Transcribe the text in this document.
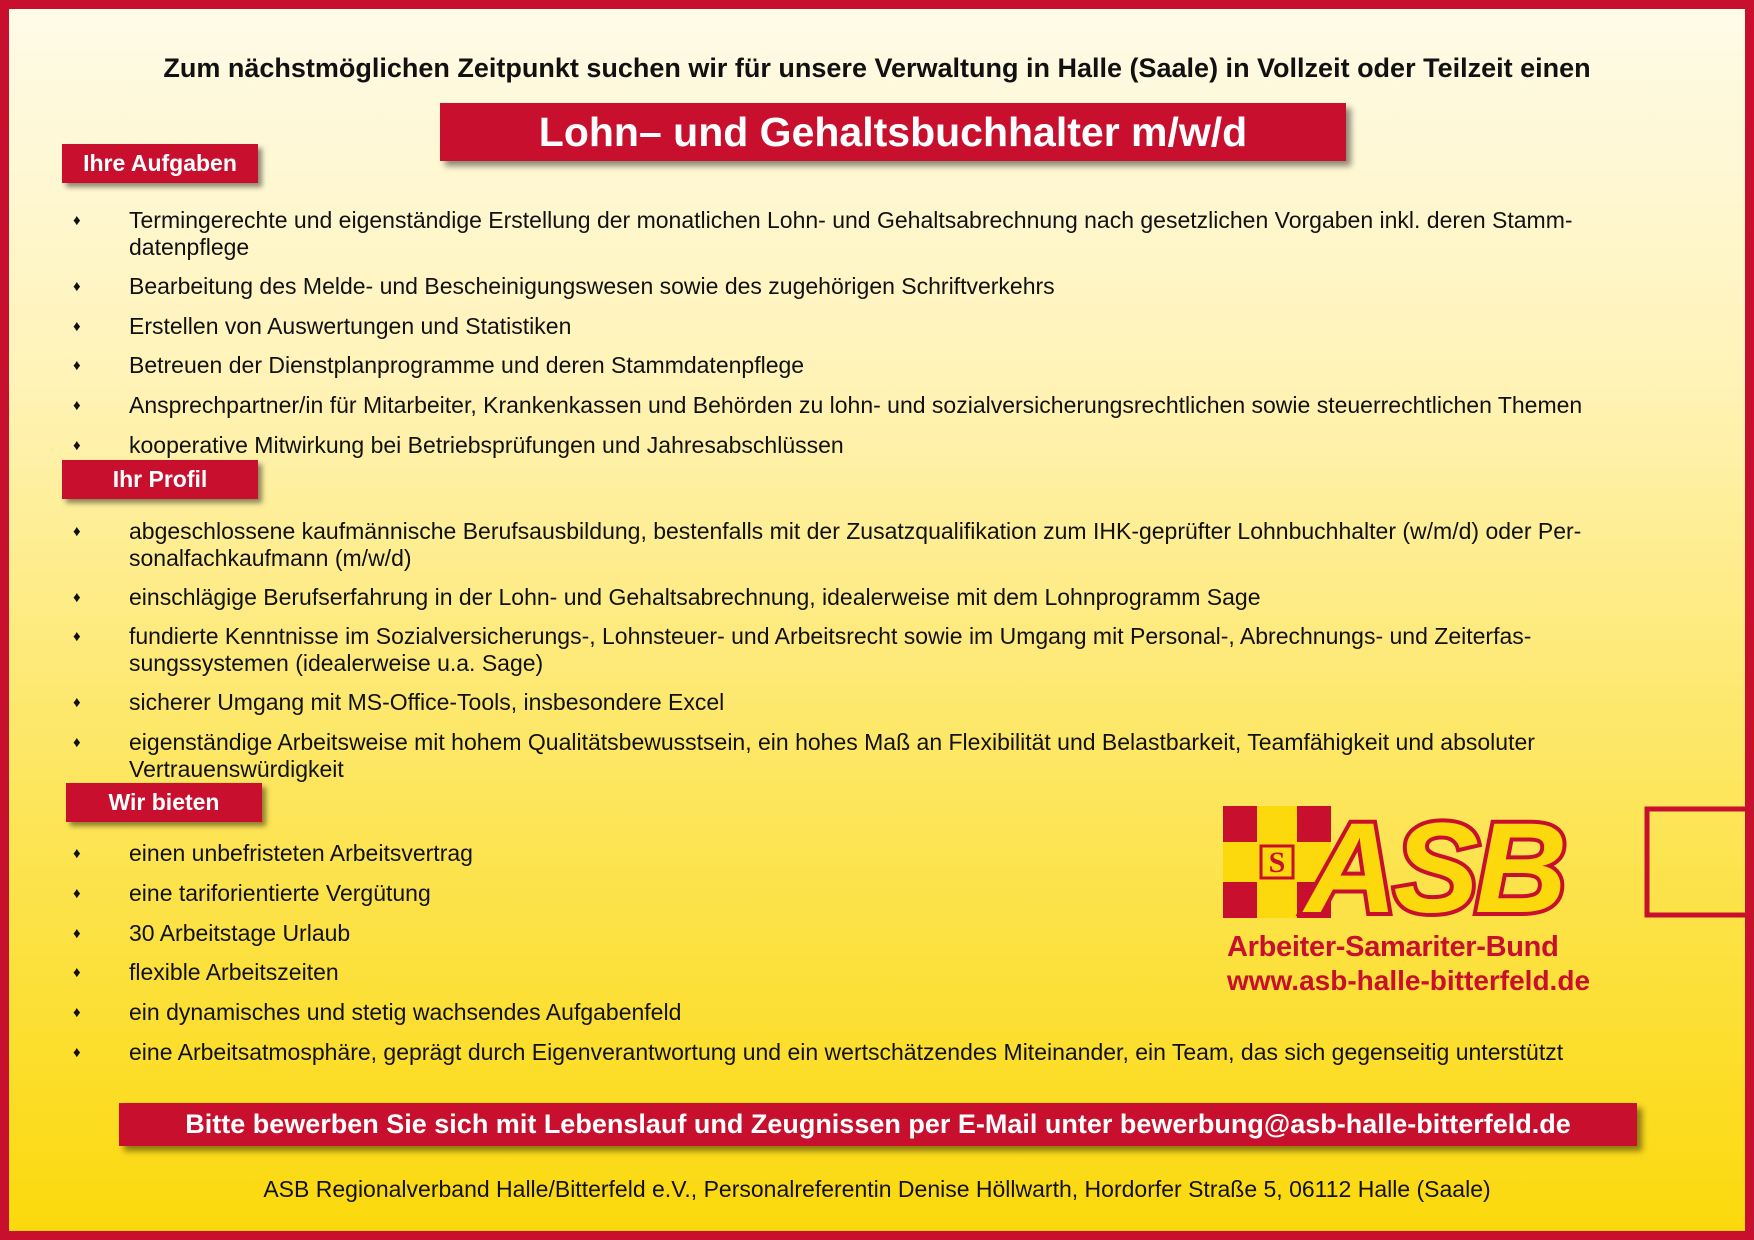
Zum nächstmöglichen Zeitpunkt suchen wir für unsere Verwaltung in Halle (Saale) in Vollzeit oder Teilzeit einen
Lohn– und Gehaltsbuchhalter m/w/d
Ihre Aufgaben
♦ Termingerechte und eigenständige Erstellung der monatlichen Lohn- und Gehaltsabrechnung nach gesetzlichen Vorgaben inkl. deren Stamm-
datenpflege
♦ Bearbeitung des Melde- und Bescheinigungswesen sowie des zugehörigen Schriftverkehrs
♦ Erstellen von Auswertungen und Statistiken
♦ Betreuen der Dienstplanprogramme und deren Stammdatenpflege
♦ Ansprechpartner/in für Mitarbeiter, Krankenkassen und Behörden zu lohn- und sozialversicherungsrechtlichen sowie steuerrechtlichen Themen
♦ kooperative Mitwirkung bei Betriebsprüfungen und Jahresabschlüssen
Ihr Profil
♦ abgeschlossene kaufmännische Berufsausbildung, bestenfalls mit der Zusatzqualifikation zum IHK-geprüfter Lohnbuchhalter (w/m/d) oder Per-
sonalfachkaufmann (m/w/d)
♦ einschlägige Berufserfahrung in der Lohn- und Gehaltsabrechnung, idealerweise mit dem Lohnprogramm Sage
♦ fundierte Kenntnisse im Sozialversicherungs-, Lohnsteuer- und Arbeitsrecht sowie im Umgang mit Personal-, Abrechnungs- und Zeiterfas-
sungssystemen (idealerweise u.a. Sage)
♦ sicherer Umgang mit MS-Office-Tools, insbesondere Excel
♦ eigenständige Arbeitsweise mit hohem Qualitätsbewusstsein, ein hohes Maß an Flexibilität und Belastbarkeit, Teamfähigkeit und absoluter
Vertrauenswürdigkeit
Wir bieten
♦ einen unbefristeten Arbeitsvertrag
♦ eine tariforientierte Vergütung
♦ 30 Arbeitstage Urlaub
♦ flexible Arbeitszeiten
♦ ein dynamisches und stetig wachsendes Aufgabenfeld
♦ eine Arbeitsatmosphäre, geprägt durch Eigenverantwortung und ein wertschätzendes Miteinander, ein Team, das sich gegenseitig unterstützt
S ASB
Arbeiter-Samariter-Bund
www.asb-halle-bitterfeld.de
Bitte bewerben Sie sich mit Lebenslauf und Zeugnissen per E-Mail unter bewerbung@asb-halle-bitterfeld.de
ASB Regionalverband Halle/Bitterfeld e.V., Personalreferentin Denise Höllwarth, Hordorfer Straße 5, 06112 Halle (Saale)
